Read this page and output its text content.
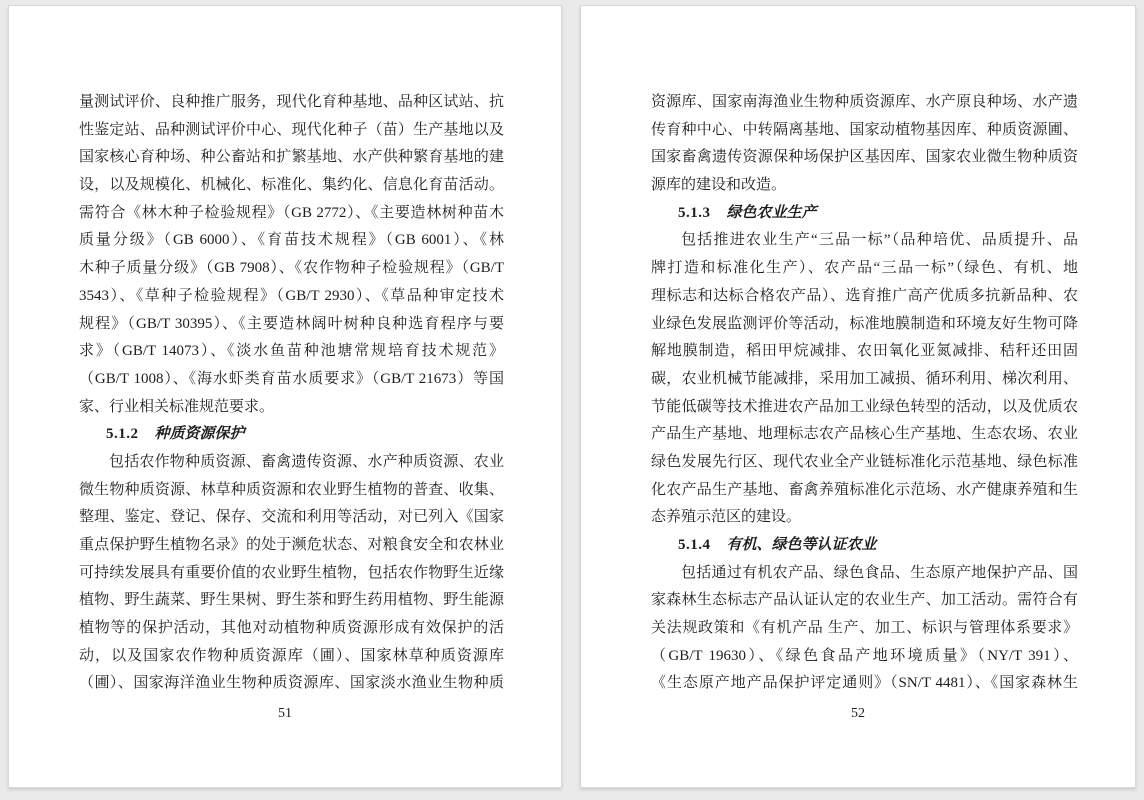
量测试评价、良种推广服务，现代化育种基地、品种区试站、抗
性鉴定站、品种测试评价中心、现代化种子（苗）生产基地以及
国家核心育种场、种公畜站和扩繁基地、水产供种繁育基地的建
设，以及规模化、机械化、标准化、集约化、信息化育苗活动。
需符合《林木种子检验规程》（GB 2772）、《主要造林树种苗木
质量分级》（GB 6000）、《育苗技术规程》（GB 6001）、《林
木种子质量分级》（GB 7908）、《农作物种子检验规程》（GB/T
3543）、《草种子检验规程》（GB/T 2930）、《草品种审定技术
规程》（GB/T 30395）、《主要造林阔叶树种良种选育程序与要
求》（GB/T 14073）、《淡水鱼苗种池塘常规培育技术规范》
（GB/T 1008）、《海水虾类育苗水质要求》（GB/T 21673）等国
家、行业相关标准规范要求。
5.1.2 种质资源保护
包括农作物种质资源、畜禽遗传资源、水产种质资源、农业
微生物种质资源、林草种质资源和农业野生植物的普查、收集、
整理、鉴定、登记、保存、交流和利用等活动，对已列入《国家
重点保护野生植物名录》的处于濒危状态、对粮食安全和农林业
可持续发展具有重要价值的农业野生植物，包括农作物野生近缘
植物、野生蔬菜、野生果树、野生茶和野生药用植物、野生能源
植物等的保护活动，其他对动植物种质资源形成有效保护的活
动，以及国家农作物种质资源库（圃）、国家林草种质资源库
（圃）、国家海洋渔业生物种质资源库、国家淡水渔业生物种质
51
资源库、国家南海渔业生物种质资源库、水产原良种场、水产遗
传育种中心、中转隔离基地、国家动植物基因库、种质资源圃、
国家畜禽遗传资源保种场保护区基因库、国家农业微生物种质资
源库的建设和改造。
5.1.3 绿色农业生产
包括推进农业生产“三品一标”（品种培优、品质提升、品
牌打造和标准化生产）、农产品“三品一标”（绿色、有机、地
理标志和达标合格农产品）、选育推广高产优质多抗新品种、农
业绿色发展监测评价等活动，标准地膜制造和环境友好生物可降
解地膜制造，稻田甲烷减排、农田氧化亚氮减排、秸秆还田固
碳，农业机械节能减排，采用加工减损、循环利用、梯次利用、
节能低碳等技术推进农产品加工业绿色转型的活动，以及优质农
产品生产基地、地理标志农产品核心生产基地、生态农场、农业
绿色发展先行区、现代农业全产业链标准化示范基地、绿色标准
化农产品生产基地、畜禽养殖标准化示范场、水产健康养殖和生
态养殖示范区的建设。
5.1.4 有机、绿色等认证农业
包括通过有机农产品、绿色食品、生态原产地保护产品、国
家森林生态标志产品认证认定的农业生产、加工活动。需符合有
关法规政策和《有机产品 生产、加工、标识与管理体系要求》
（GB/T 19630）、《绿色食品产地环境质量》（NY/T 391）、
《生态原产地产品保护评定通则》（SN/T 4481）、《国家森林生
52
